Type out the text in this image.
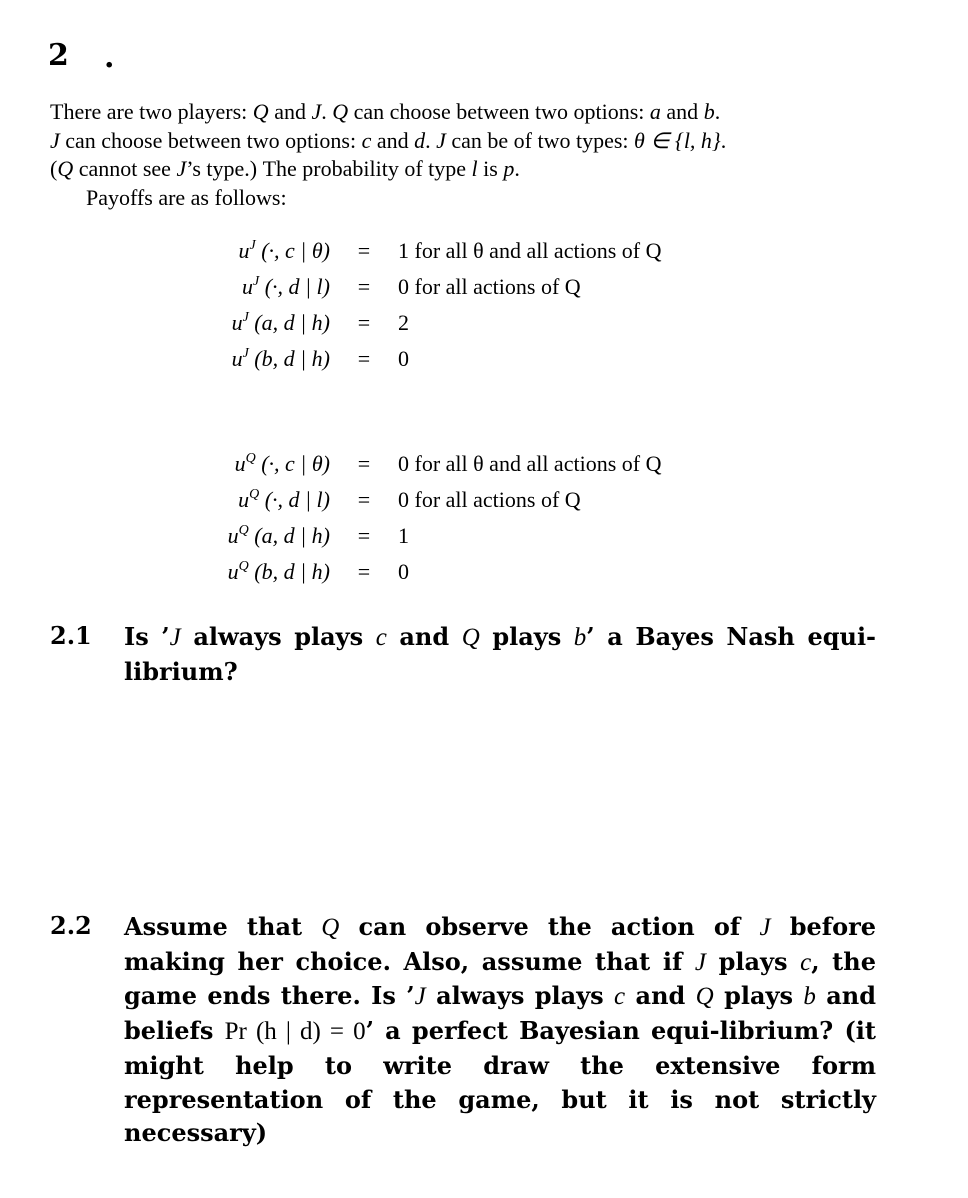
2 .
There are two players: Q and J. Q can choose between two options: a and b.
J can choose between two options: c and d. J can be of two types: θ ∈ {l, h}.
(Q cannot see J’s type.) The probability of type l is p.
Payoffs are as follows:
$u^J$ (·, c | θ)	=	1 for all θ and all actions of Q
$u^J$ (·, d | l)	=	0 for all actions of Q
$u^J$ (a, d | h)	=	2
$u^J$ (b, d | h)	=	0
$u^Q$ (·, c | θ)	=	0 for all θ and all actions of Q
$u^Q$ (·, d | l)	=	0 for all actions of Q
$u^Q$ (a, d | h)	=	1
$u^Q$ (b, d | h)	=	0
2.1 Is ’J always plays c and Q plays b’ a Bayes Nash equi-librium?
2.2 Assume that Q can observe the action of J before making her choice. Also, assume that if J plays c, the game ends there. Is ’J always plays c and Q plays b and beliefs Pr (h | d) = 0’ a perfect Bayesian equi-librium? (it might help to write draw the extensive form representation of the game, but it is not strictly necessary)
